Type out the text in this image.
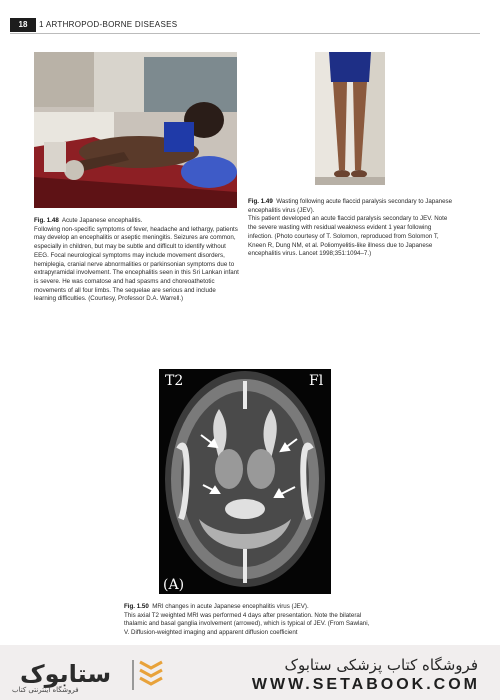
18	1 ARTHROPOD-BORNE DISEASES

Fig. 1.48 Acute Japanese encephalitis.

Following non-specific symptoms of fever, headache and lethargy, patients may develop an encephalitis or aseptic meningitis. Seizures are common, especially in children, but may be subtle and difficult to identify without EEG. Focal neurological symptoms may include movement disorders, hemiplegia, cranial nerve abnormalities or parkinsonian symptoms due to extrapyramidal involvement. The encephalitis seen in this Sri Lankan infant is severe. He was comatose and had spasms and choreoathetotic movements of all four limbs. The sequelae are serious and include learning difficulties. (Courtesy, Professor D.A. Warrell.)

Fig. 1.49 Wasting following acute flaccid paralysis secondary to Japanese encephalitis virus (JEV).

This patient developed an acute flaccid paralysis secondary to JEV. Note the severe wasting with residual weakness evident 1 year following infection. (Photo courtesy of T. Solomon, reproduced from Solomon T, Kneen R, Dung NM, et al. Poliomyelitis-like illness due to Japanese encephalitis virus. Lancet 1998;351:1094–7.)

T2	Fl
(A)

Fig. 1.50 MRI changes in acute Japanese encephalitis virus (JEV).

This axial T2 weighted MRI was performed 4 days after presentation. Note the bilateral thalamic and basal ganglia involvement (arrowed), which is typical of JEV. (From Sawlani, V. Diffusion-weighted imaging and apparent diffusion coefficient

ستابوک
فروشگاه اینترنتی کتاب
فروشگاه کتاب پزشکی ستابوک
WWW.SETABOOK.COM
